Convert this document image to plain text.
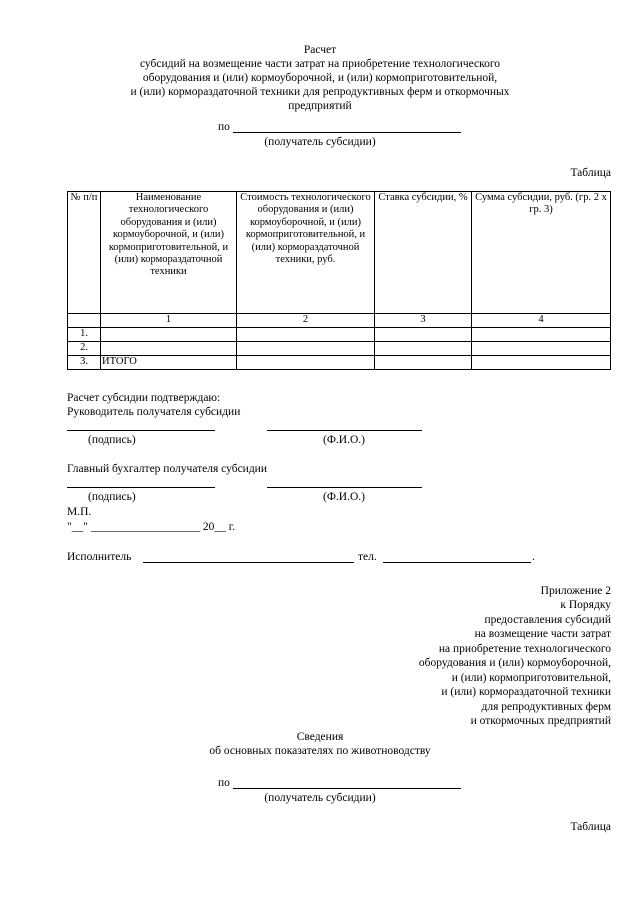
Расчет
субсидий на возмещение части затрат на приобретение технологического
оборудования и (или) кормоуборочной, и (или) кормоприготовительной,
и (или) кормораздаточной техники для репродуктивных ферм и откормочных
предприятий
по
(получатель субсидии)
Таблица
№ п/п	Наименование технологического оборудования и (или) кормоуборочной, и (или) кормоприготовительной, и (или) кормораздаточной техники	Стоимость технологического оборудования и (или) кормоуборочной, и (или) кормоприготовительной, и (или) кормораздаточной техники, руб.	Ставка субсидии, %	Сумма субсидии, руб. (гр. 2 x гр. 3)
	1	2	3	4
1.				
2.				
3.	ИТОГО			
Расчет субсидии подтверждаю:
Руководитель получателя субсидии
(подпись)	(Ф.И.О.)
Главный бухгалтер получателя субсидии
(подпись)	(Ф.И.О.)
М.П.
"__" ___________________ 20__ г.
Исполнитель	тел.	.
Приложение 2
к Порядку
предоставления субсидий
на возмещение части затрат
на приобретение технологического
оборудования и (или) кормоуборочной,
и (или) кормоприготовительной,
и (или) кормораздаточной техники
для репродуктивных ферм
и откормочных предприятий
Сведения
об основных показателях по животноводству
по
(получатель субсидии)
Таблица
